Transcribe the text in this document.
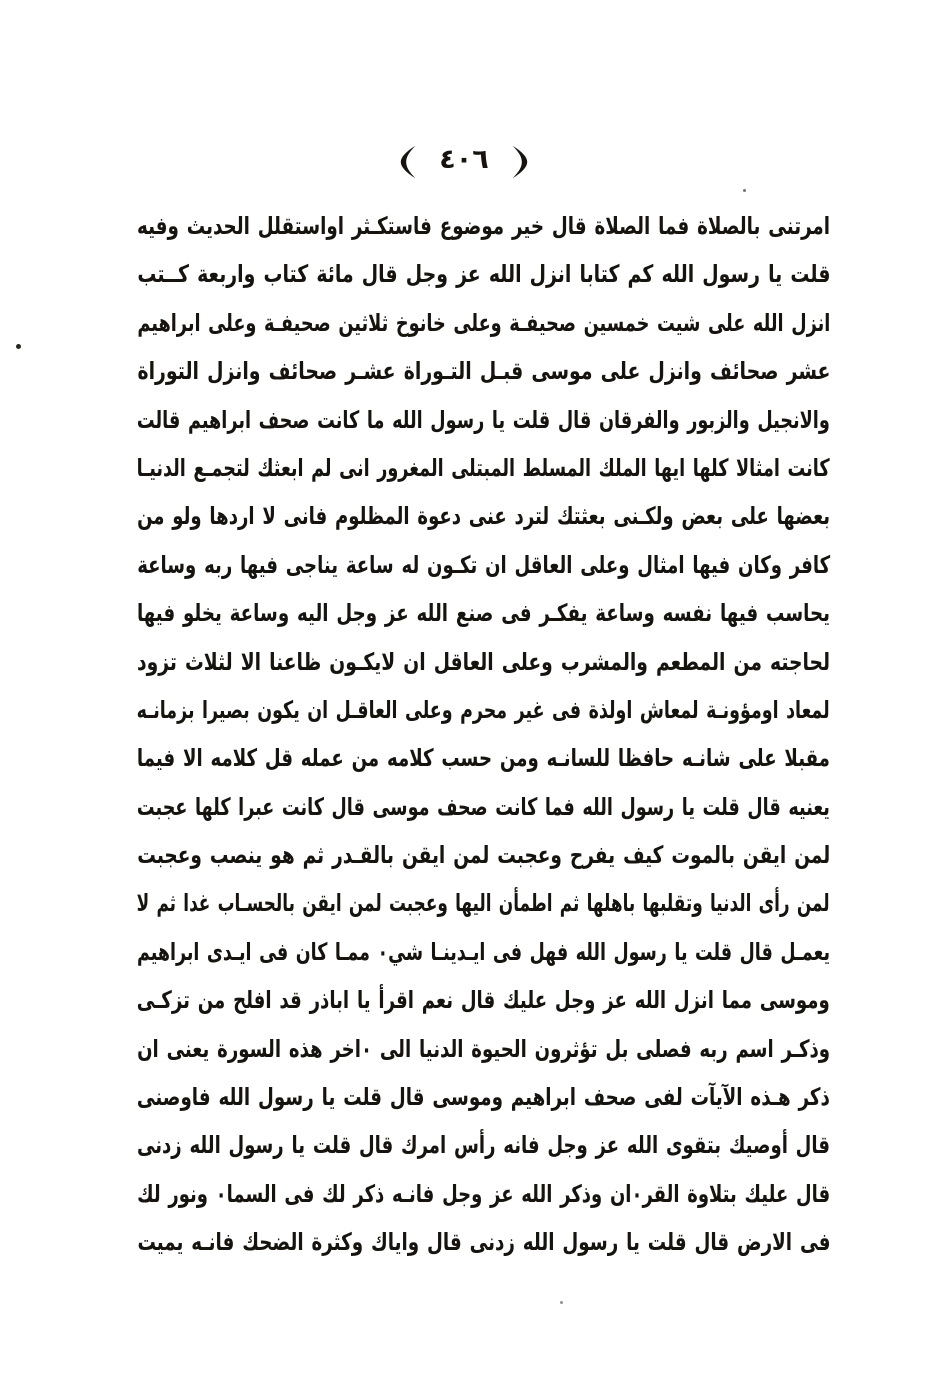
٤٠٦
امرتنى بالصلاة فما الصلاة قال خير موضوع فاستكـثر اواستقلل الحديث وفيه
قلت يا رسول الله كم كتابا انزل الله عز وجل قال مائة كتاب واربعة كــتب
انزل الله على شيت خمسين صحيفـة وعلى خانوخ ثلاثين صحيفـة وعلى ابراهيم
عشر صحائف وانزل على موسى قبـل التـوراة عشـر صحائف وانزل التوراة
والانجيل والزبور والفرقان قال قلت يا رسول الله ما كانت صحف ابراهيم قالت
كانت امثالا كلها ايها الملك المسلط المبتلى المغرور انى لم ابعثك لتجمـع الدنيـا
بعضها على بعض ولكـنى بعثتك لترد عنى دعوة المظلوم فانى لا اردها ولو من
كافر وكان فيها امثال وعلى العاقل ان تكـون له ساعة يناجى فيها ربه وساعة
يحاسب فيها نفسه وساعة يفكـر فى صنع الله عز وجل اليه وساعة يخلو فيها
لحاجته من المطعم والمشرب وعلى العاقل ان لايكـون ظاعنا الا لثلاث تزود
لمعاد اومؤونـة لمعاش اولذة فى غير محرم وعلى العاقـل ان يكون بصيرا بزمانـه
مقبلا على شانـه حافظا للسانـه ومن حسب كلامه من عمله قل كلامه الا فيما
يعنيه قال قلت يا رسول الله فما كانت صحف موسى قال كانت عبرا كلها عجبت
لمن ايقن بالموت كيف يفرح وعجبت لمن ايقن بالقـدر ثم هو ينصب وعجبت
لمن رأى الدنيا وتقلبها باهلها ثم اطمأن اليها وعجبت لمن ايقن بالحسـاب غدا ثم لا
يعمـل قال قلت يا رسول الله فهل فى ايـدينـا شي٠ ممـا كان فى ايـدى ابراهيم
وموسى مما انزل الله عز وجل عليك قال نعم اقرأ يا اباذر قد افلح من تزكـى
وذكـر اسم ربه فصلى بل تؤثرون الحيوة الدنيا الى ٠اخر هذه السورة يعنى ان
ذكر هـذه الآيآت لفى صحف ابراهيم وموسى قال قلت يا رسول الله فاوصنى
قال أوصيك بتقوى الله عز وجل فانه رأس امرك قال قلت يا رسول الله زدنى
قال عليك بتلاوة القر٠ان وذكر الله عز وجل فانـه ذكر لك فى السما٠ ونور لك
فى الارض قال قلت يا رسول الله زدنى قال واياك وكثرة الضحك فانـه يميت
